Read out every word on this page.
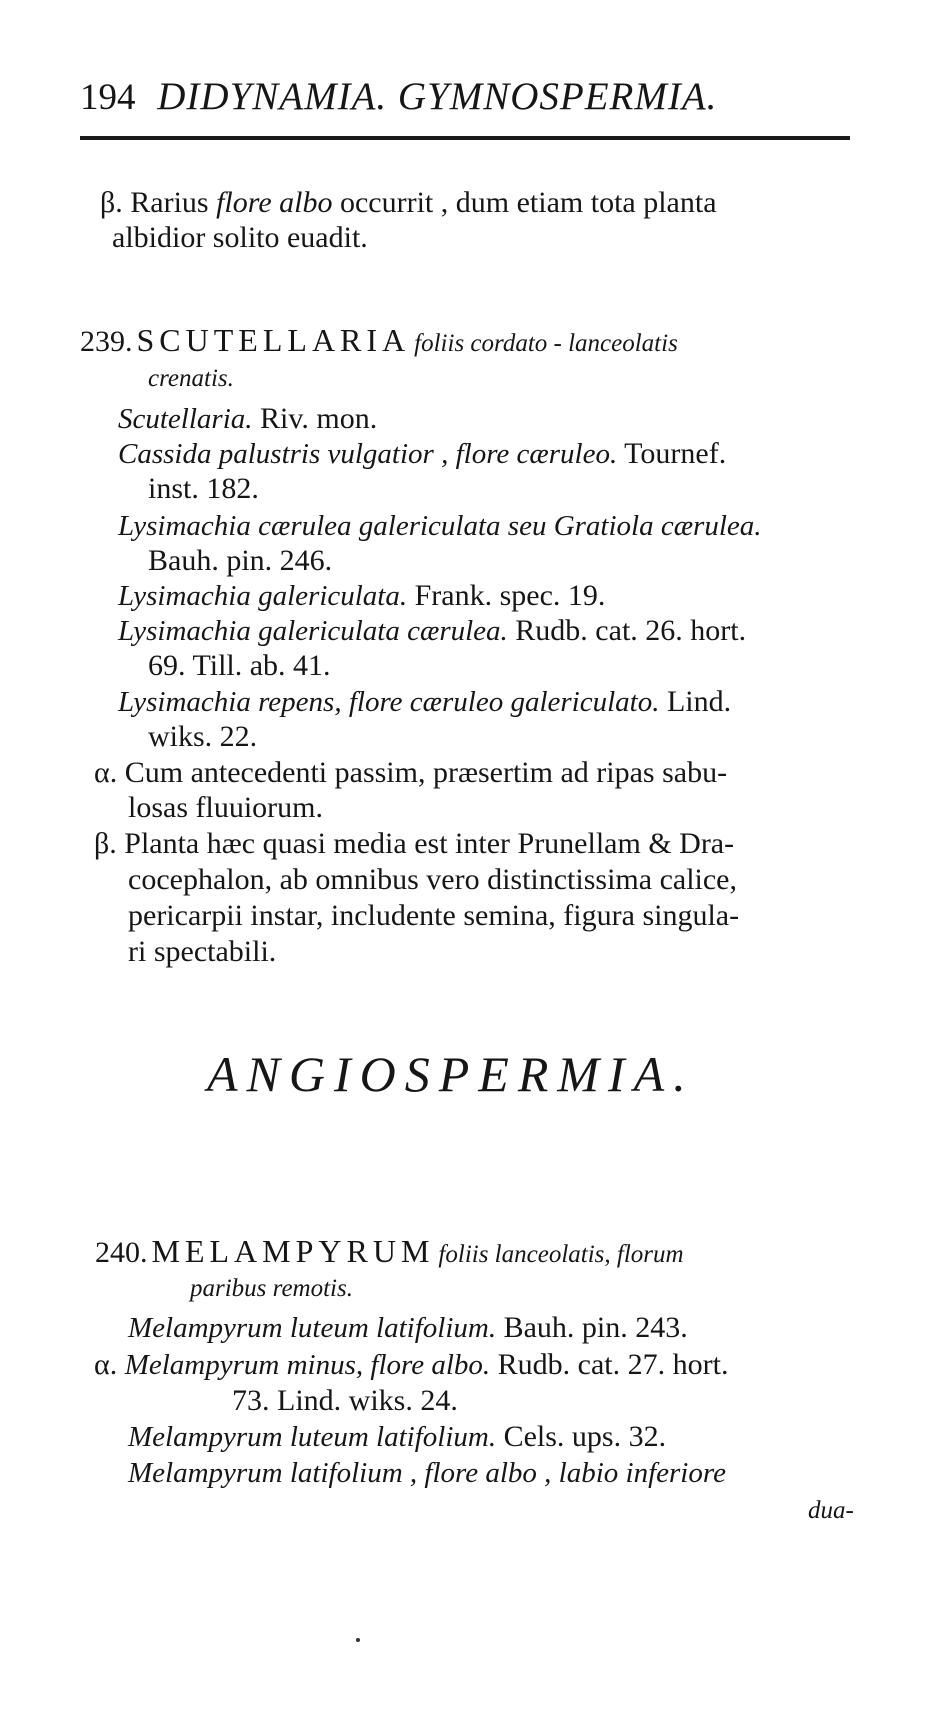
194 DIDYNAMIA. GYMNOSPERMIA.
β. Rarius flore albo occurrit , dum etiam tota planta
albidior solito euadit.
239. SCUTELLARIA foliis cordato - lanceolatis
crenatis.
Scutellaria. Riv. mon.
Cassida palustris vulgatior , flore cæruleo. Tournef.
inst. 182.
Lysimachia cærulea galericulata seu Gratiola cærulea.
Bauh. pin. 246.
Lysimachia galericulata. Frank. spec. 19.
Lysimachia galericulata cærulea. Rudb. cat. 26. hort.
69. Till. ab. 41.
Lysimachia repens, flore cæruleo galericulato. Lind.
wiks. 22.
α. Cum antecedenti passim, præsertim ad ripas sabu-
losas fluuiorum.
β. Planta hæc quasi media est inter Prunellam & Dra-
cocephalon, ab omnibus vero distinctissima calice,
pericarpii instar, includente semina, figura singula-
ri spectabili.
ANGIOSPERMIA.
240. MELAMPYRUM foliis lanceolatis, florum
paribus remotis.
Melampyrum luteum latifolium. Bauh. pin. 243.
α. Melampyrum minus, flore albo. Rudb. cat. 27. hort.
73. Lind. wiks. 24.
Melampyrum luteum latifolium. Cels. ups. 32.
Melampyrum latifolium , flore albo , labio inferiore
dua-
